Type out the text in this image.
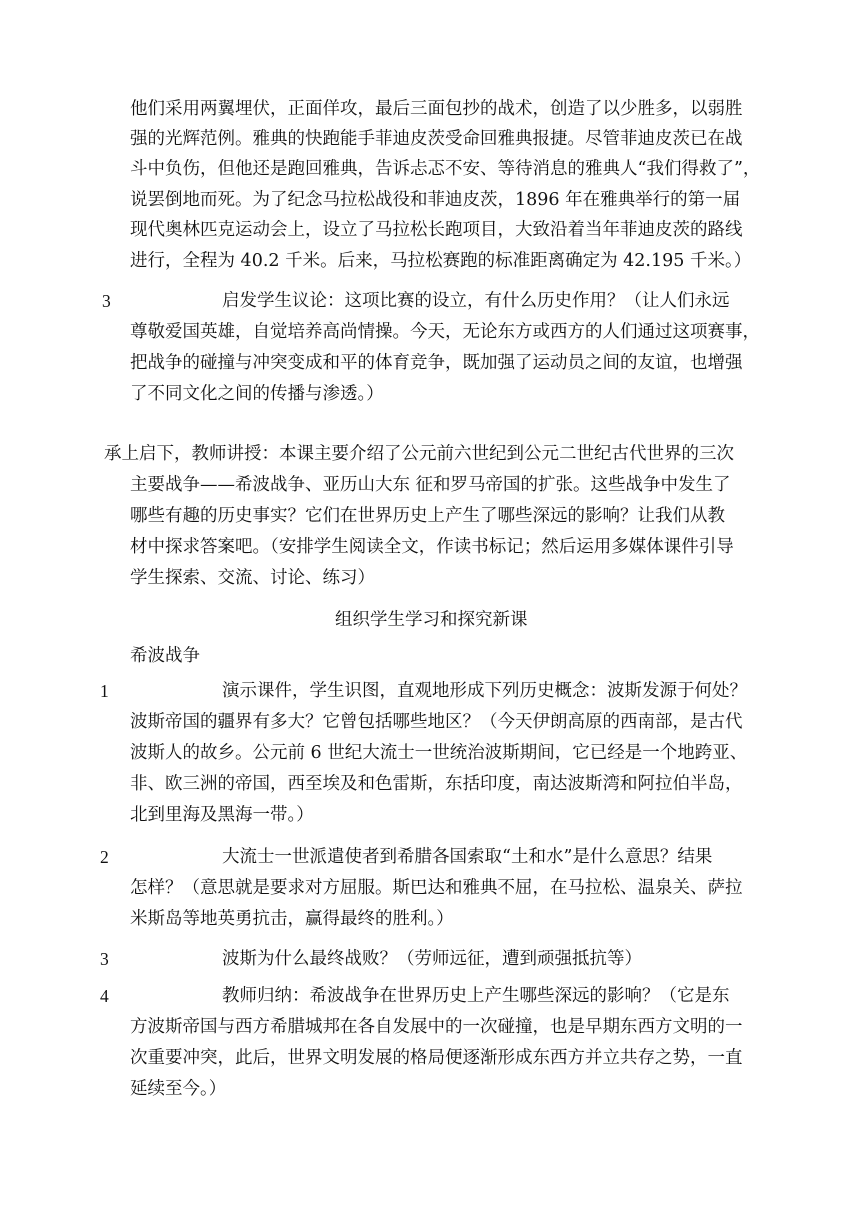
他们采用两翼埋伏，正面佯攻，最后三面包抄的战术，创造了以少胜多，以弱胜
强的光辉范例。雅典的快跑能手菲迪皮茨受命回雅典报捷。尽管菲迪皮茨已在战
斗中负伤，但他还是跑回雅典，告诉忐忑不安、等待消息的雅典人“我们得救了”，
说罢倒地而死。为了纪念马拉松战役和菲迪皮茨，1896 年在雅典举行的第一届
现代奥林匹克运动会上，设立了马拉松长跑项目，大致沿着当年菲迪皮茨的路线
进行，全程为 40.2 千米。后来，马拉松赛跑的标准距离确定为 42.195 千米。）
3	启发学生议论：这项比赛的设立，有什么历史作用？（让人们永远
尊敬爱国英雄，自觉培养高尚情操。今天，无论东方或西方的人们通过这项赛事，
把战争的碰撞与冲突变成和平的体育竞争，既加强了运动员之间的友谊，也增强
了不同文化之间的传播与渗透。）
承上启下，教师讲授：本课主要介绍了公元前六世纪到公元二世纪古代世界的三次
主要战争——希波战争、亚历山大东 征和罗马帝国的扩张。这些战争中发生了
哪些有趣的历史事实？它们在世界历史上产生了哪些深远的影响？让我们从教
材中探求答案吧。（安排学生阅读全文，作读书标记；然后运用多媒体课件引导
学生探索、交流、讨论、练习）
组织学生学习和探究新课
希波战争
1	演示课件，学生识图，直观地形成下列历史概念：波斯发源于何处？
波斯帝国的疆界有多大？它曾包括哪些地区？（今天伊朗高原的西南部，是古代
波斯人的故乡。公元前 6 世纪大流士一世统治波斯期间，它已经是一个地跨亚、
非、欧三洲的帝国，西至埃及和色雷斯，东括印度，南达波斯湾和阿拉伯半岛，
北到里海及黑海一带。）
2	大流士一世派遣使者到希腊各国索取“土和水”是什么意思？结果
怎样？（意思就是要求对方屈服。斯巴达和雅典不屈，在马拉松、温泉关、萨拉
米斯岛等地英勇抗击，赢得最终的胜利。）
3	波斯为什么最终战败？（劳师远征，遭到顽强抵抗等）
4	教师归纳：希波战争在世界历史上产生哪些深远的影响？（它是东
方波斯帝国与西方希腊城邦在各自发展中的一次碰撞，也是早期东西方文明的一
次重要冲突，此后，世界文明发展的格局便逐渐形成东西方并立共存之势，一直
延续至今。）
